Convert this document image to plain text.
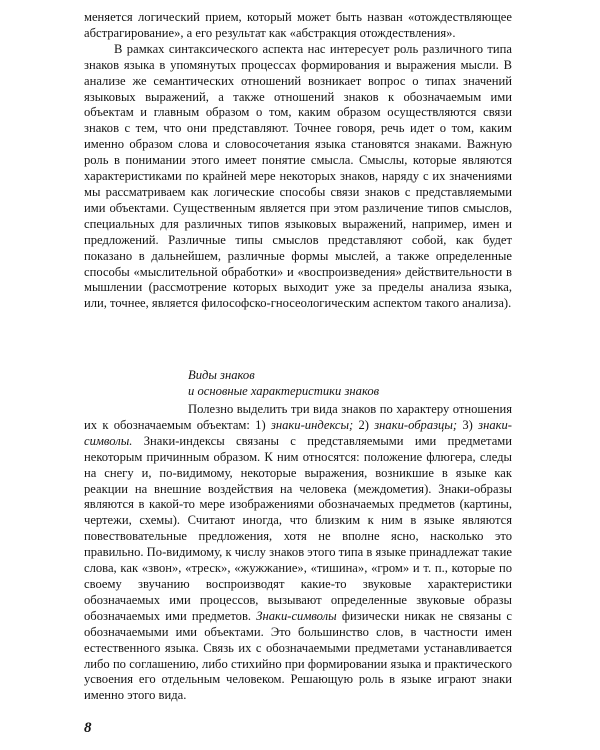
меняется логический прием, который может быть назван «отождествляющее абстрагирование», а его результат как «абстракция отождествления».

В рамках синтаксического аспекта нас интересует роль различного типа знаков языка в упомянутых процессах формирования и выражения мысли. В анализе же семантических отношений возникает вопрос о типах значений языковых выражений, а также отношений знаков к обозначаемым ими объектам и главным образом о том, каким образом осуществляются связи знаков с тем, что они представляют. Точнее говоря, речь идет о том, каким именно образом слова и словосочетания языка становятся знаками. Важную роль в понимании этого имеет понятие смысла. Смыслы, которые являются характеристиками по крайней мере некоторых знаков, наряду с их значениями мы рассматриваем как логические способы связи знаков с представляемыми ими объектами. Существенным является при этом различение типов смыслов, специальных для различных типов языковых выражений, например, имен и предложений. Различные типы смыслов представляют собой, как будет показано в дальнейшем, различные формы мыслей, а также определенные способы «мыслительной обработки» и «воспроизведения» действительности в мышлении (рассмотрение которых выходит уже за пределы анализа языка, или, точнее, является философско-гносеологическим аспектом такого анализа).

Виды знаков
и основные характеристики знаков

Полезно выделить три вида знаков по характеру отношения их к обозначаемым объектам: 1) знаки-индексы; 2) знаки-образцы; 3) знаки-символы. Знаки-индексы связаны с представляемыми ими предметами некоторым причинным образом. К ним относятся: положение флюгера, следы на снегу и, по-видимому, некоторые выражения, возникшие в языке как реакции на внешние воздействия на человека (междометия). Знаки-образы являются в какой-то мере изображениями обозначаемых предметов (картины, чертежи, схемы). Считают иногда, что близким к ним в языке являются повествовательные предложения, хотя не вполне ясно, насколько это правильно. По-видимому, к числу знаков этого типа в языке принадлежат такие слова, как «звон», «треск», «жужжание», «тишина», «гром» и т. п., которые по своему звучанию воспроизводят какие-то звуковые характеристики обозначаемых ими процессов, вызывают определенные звуковые образы обозначаемых ими предметов. Знаки-символы физически никак не связаны с обозначаемыми ими объектами. Это большинство слов, в частности имен естественного языка. Связь их с обозначаемыми предметами устанавливается либо по соглашению, либо стихийно при формировании языка и практического усвоения его отдельным человеком. Решающую роль в языке играют знаки именно этого вида.

8
